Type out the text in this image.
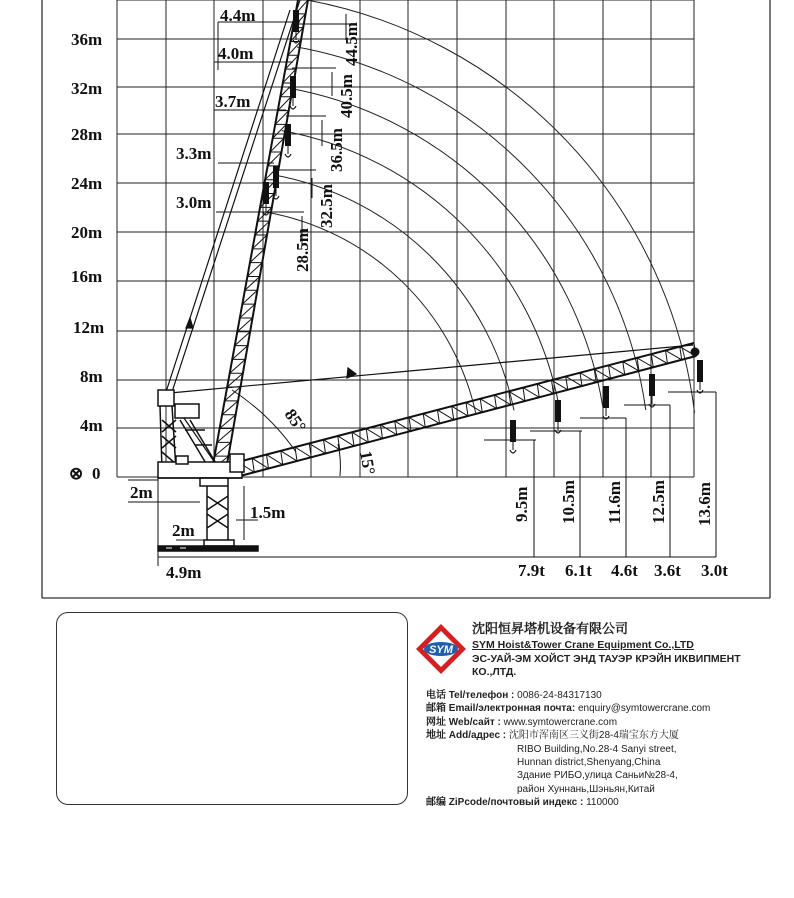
36m
32m
28m
24m
20m
16m
12m
8m
4m
⊗ 0
4.4m
4.0m
3.7m
3.3m
3.0m
44.5m
40.5m
36.5m
32.5m
28.5m
85°
15°
2m
1.5m
2m
4.9m
9.5m 10.5m 11.6m 12.5m 13.6m
7.9t 6.1t 4.6t 3.6t 3.0t
SYM
沈阳恒昇塔机设备有限公司
SYM Hoist&Tower Crane Equipment Co.,LTD
ЭС-УАЙ-ЭМ ХОЙСТ ЭНД ТАУЭР КРЭЙН ИКВИПМЕНТ КО.,ЛТД.
电话 Tel/телефон : 0086-24-84317130
邮箱 Email/электронная почта: enquiry@symtowercrane.com
网址 Web/сайт : www.symtowercrane.com
地址 Add/адрес : 沈阳市浑南区三义街28-4瑞宝东方大厦
RIBO Building,No.28-4 Sanyi street,
Hunnan district,Shenyang,China
Здание РИБО,улица Саньи№28-4,
район Хуннань,Шэньян,Китай
邮编 ZiPcode/почтовый индекс : 110000
